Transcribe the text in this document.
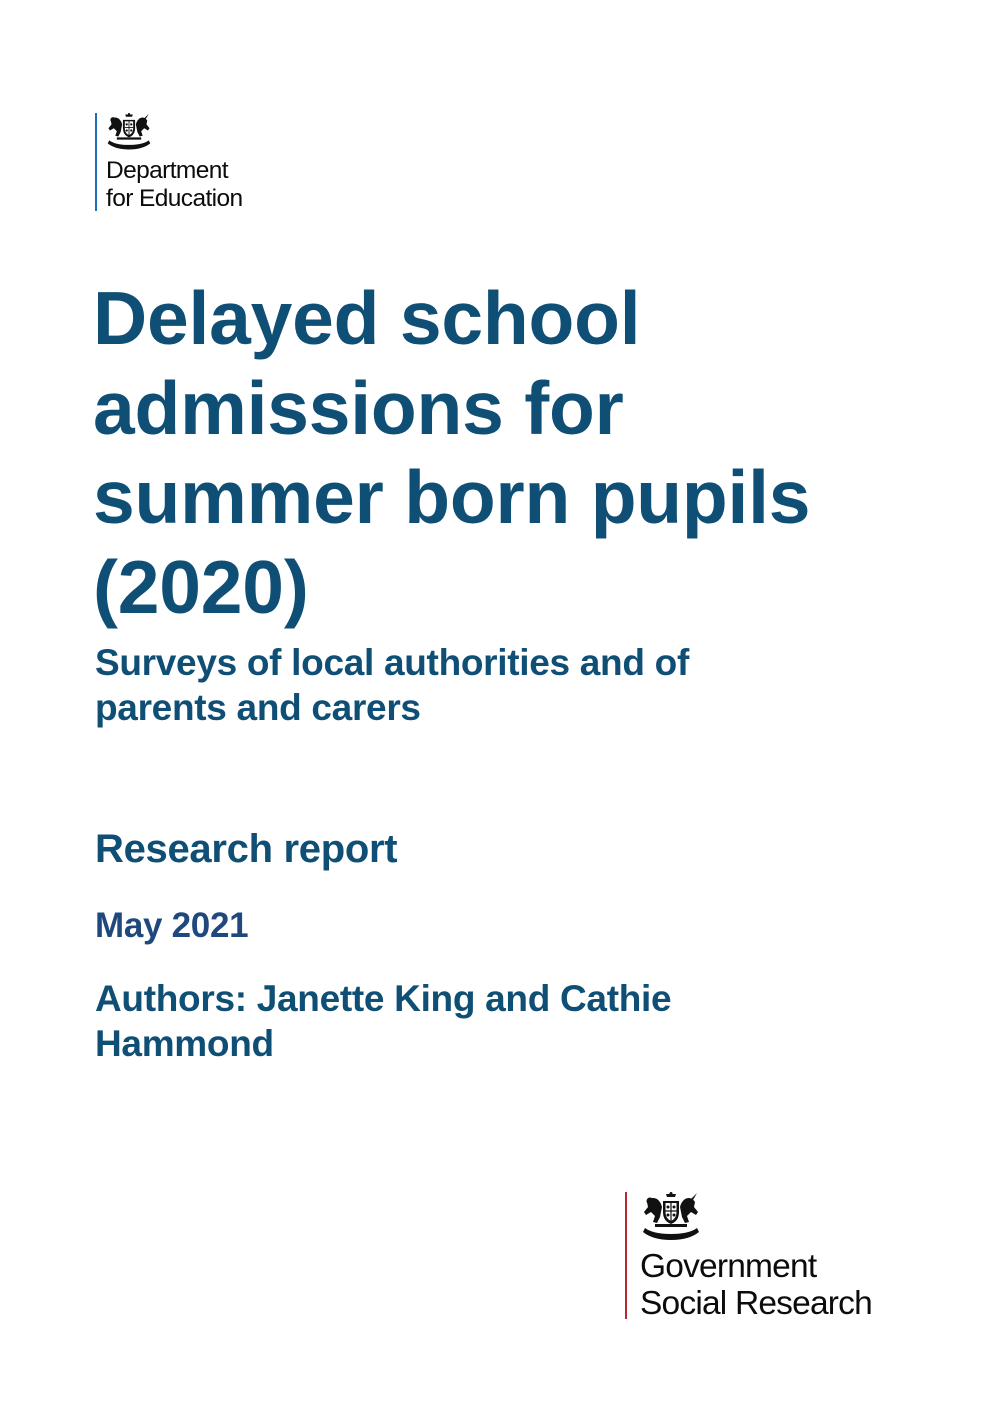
Department
for Education
Delayed school
admissions for
summer born pupils
(2020)
Surveys of local authorities and of
parents and carers
Research report
May 2021
Authors: Janette King and Cathie
Hammond
Government
Social Research
